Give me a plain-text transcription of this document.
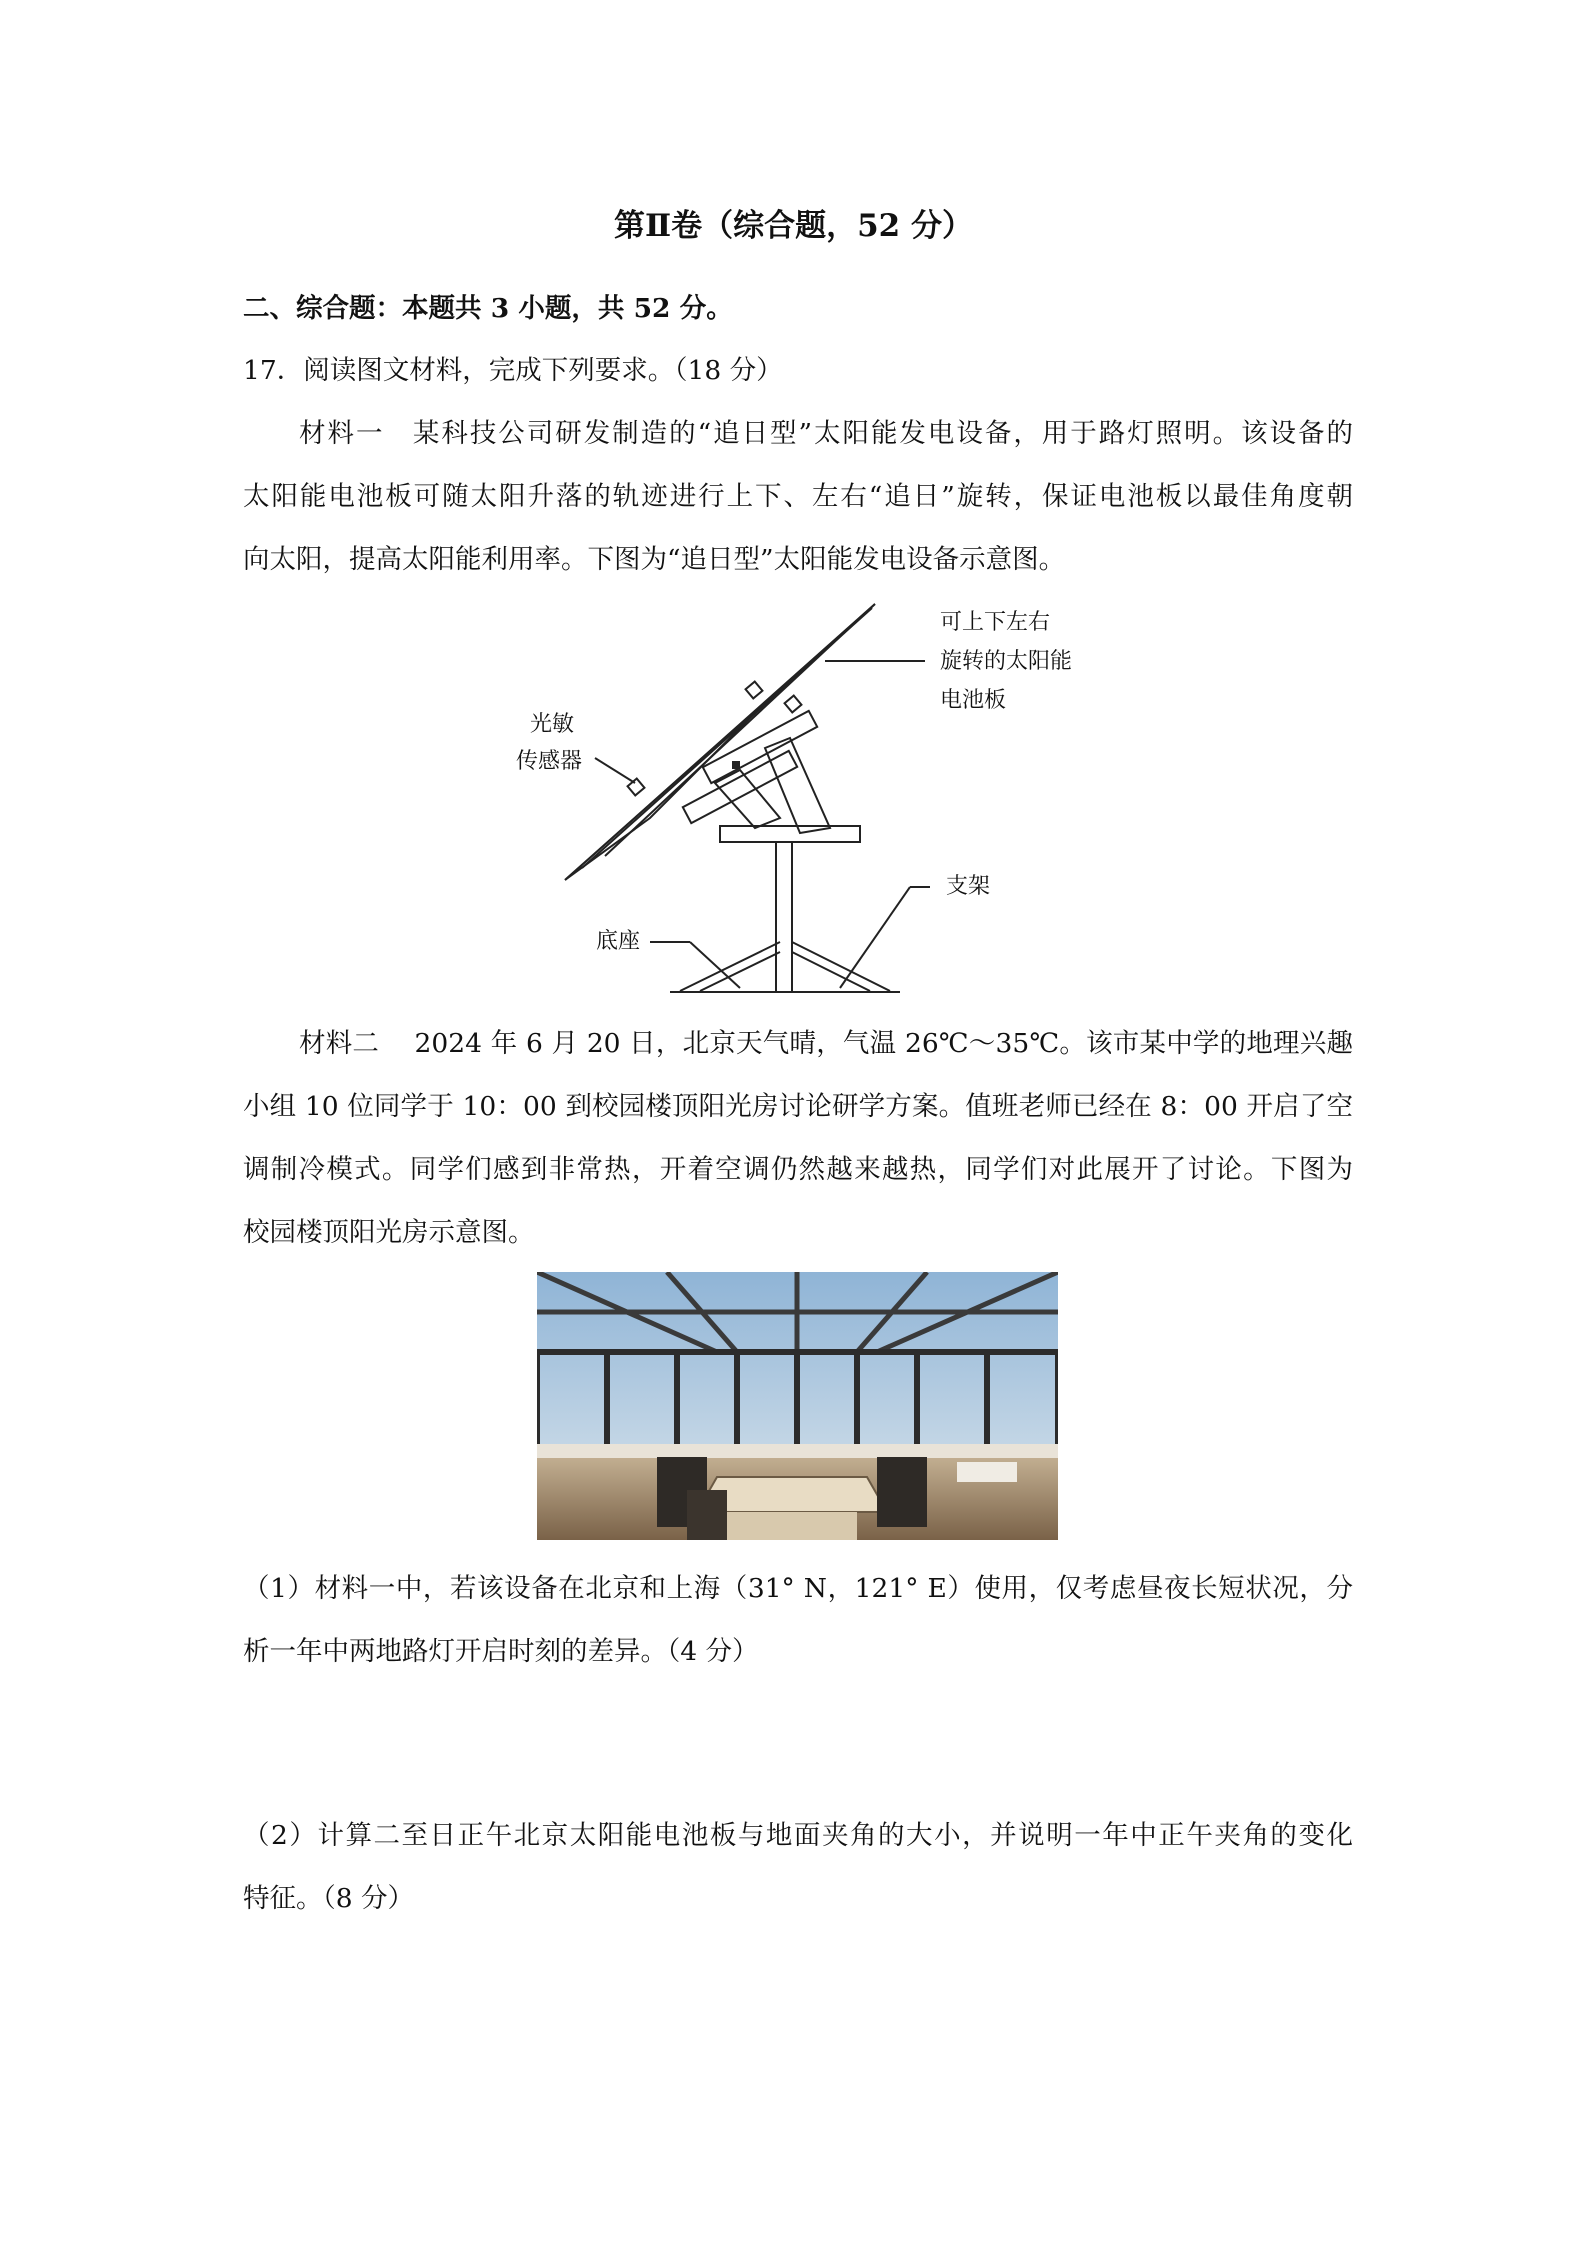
第Ⅱ卷（综合题，52 分）
二、综合题：本题共 3 小题，共 52 分。
17．阅读图文材料，完成下列要求。（18 分）
材料一　某科技公司研发制造的“追日型”太阳能发电设备，用于路灯照明。该设备的
太阳能电池板可随太阳升落的轨迹进行上下、左右“追日”旋转，保证电池板以最佳角度朝
向太阳，提高太阳能利用率。下图为“追日型”太阳能发电设备示意图。
可上下左右
旋转的太阳能
电池板
光敏
传感器
支架
底座
材料二　 2024 年 6 月 20 日，北京天气晴，气温 26℃～35℃。该市某中学的地理兴趣
小组 10 位同学于 10：00 到校园楼顶阳光房讨论研学方案。值班老师已经在 8：00 开启了空
调制冷模式。同学们感到非常热，开着空调仍然越来越热，同学们对此展开了讨论。下图为
校园楼顶阳光房示意图。
（1）材料一中，若该设备在北京和上海（31° N，121° E）使用，仅考虑昼夜长短状况，分
析一年中两地路灯开启时刻的差异。（4 分）
（2）计算二至日正午北京太阳能电池板与地面夹角的大小，并说明一年中正午夹角的变化
特征。（8 分）
